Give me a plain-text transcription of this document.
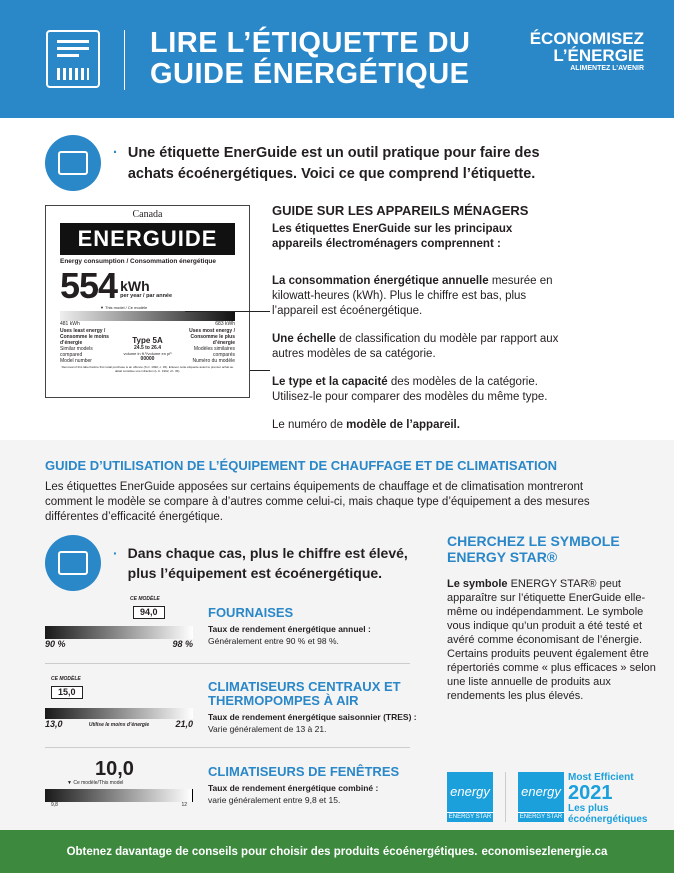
LIRE L’ÉTIQUETTE DU
GUIDE ÉNERGÉTIQUE
ÉCONOMISEZ
L’ÉNERGIE
ALIMENTEZ L’AVENIR
· Une étiquette EnerGuide est un outil pratique pour faire des achats écoénergétiques. Voici ce que comprend l’étiquette.
Canada
ENERGUIDE
Energy consumption / Consommation énergétique
554 kWh
per year / par année
▼ This model / Ce modèle
481 kWh	683 kWh
Uses least energy / Consomme le moins d’énergie
Similar models compared
Model number
Type 5A
24.5 to 26.4
volume in ft.³/volume en pi³
00000
Uses most energy / Consomme le plus d’énergie
Modèles similaires comparés
Numéro du modèle
Removal of this label before first retail purchase is an offence (S.C. 1992, c. 36). Enlever cette étiquette avant le premier achat au détail constitue une infraction (L.C. 1992, ch. 36).
GUIDE SUR LES APPAREILS MÉNAGERS

Les étiquettes EnerGuide sur les principaux appareils électroménagers comprennent :

La consommation énergétique annuelle mesurée en kilowatt-heures (kWh). Plus le chiffre est bas, plus l’appareil est écoénergétique.

Une échelle de classification du modèle par rapport aux autres modèles de sa catégorie.

Le type et la capacité des modèles de la catégorie. Utilisez-le pour comparer des modèles du même type.

Le numéro de modèle de l’appareil.

GUIDE D’UTILISATION DE L’ÉQUIPEMENT DE CHAUFFAGE ET DE CLIMATISATION
Les étiquettes EnerGuide apposées sur certains équipements de chauffage et de climatisation montreront comment le modèle se compare à d’autres comme celui-ci, mais chaque type d’équipement a des mesures différentes d’efficacité énergétique.
· Dans chaque cas, plus le chiffre est élevé, plus l’équipement est écoénergétique.
CE MODÈLE
94,0
90 %	98 %
FOURNAISES
Taux de rendement énergétique annuel :
Généralement entre 90 % et 98 %.
CE MODÈLE
15,0
13,0	Utilise le moins d’énergie	21,0
CLIMATISEURS CENTRAUX ET THERMOPOMPES À AIR
Taux de rendement énergétique saisonnier (TRES) :
Varie généralement de 13 à 21.
10,0
▼ Ce modèle/This model
9,8	12
CLIMATISEURS DE FENÊTRES
Taux de rendement énergétique combiné :
varie généralement entre 9,8 et 15.
CHERCHEZ LE SYMBOLE ENERGY STAR®

Le symbole ENERGY STAR® peut apparaître sur l’étiquette EnerGuide elle-même ou indépendamment. Le symbole vous indique qu’un produit a été testé et avéré comme économisant de l’énergie. Certains produits peuvent également être répertoriés comme « plus efficaces » selon une liste annuelle de produits aux rendements les plus élevés.

energy
ENERGY STAR
energy
ENERGY STAR
Most Efficient
2021
Les plus
écoénergétiques
Obtenez davantage de conseils pour choisir des produits écoénergétiques. economisezlenergie.ca
